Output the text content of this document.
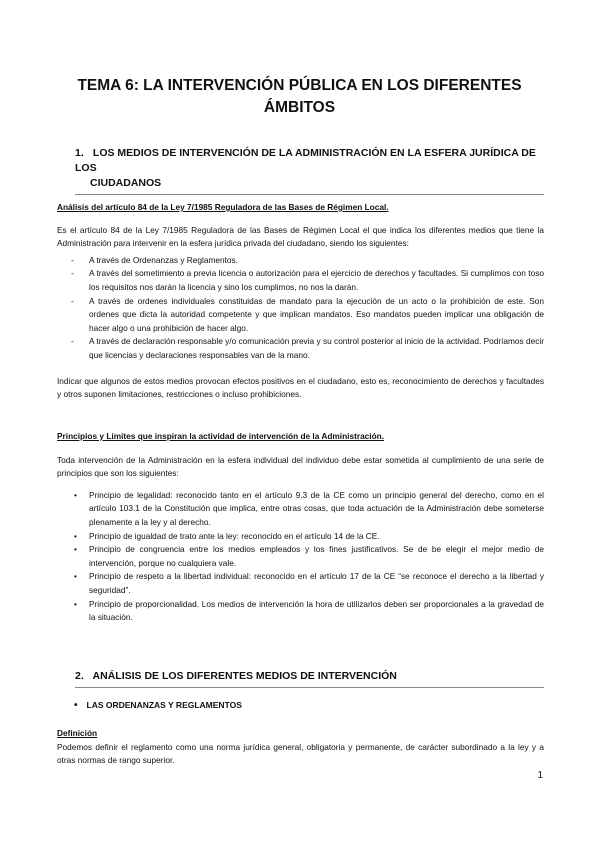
TEMA 6: LA INTERVENCIÓN PÚBLICA EN LOS DIFERENTES
ÁMBITOS
1. LOS MEDIOS DE INTERVENCIÓN DE LA ADMINISTRACIÓN EN LA ESFERA JURÍDICA DE LOS
CIUDADANOS
Análisis del artículo 84 de la Ley 7/1985 Reguladora de las Bases de Régimen Local.
Es el artículo 84 de la Ley 7/1985 Reguladora de las Bases de Régimen Local el que indica los diferentes medios que tiene la Administración para intervenir en la esfera jurídica privada del ciudadano, siendo los siguientes:
- A través de Ordenanzas y Reglamentos.
- A través del sometimiento a previa licencia o autorización para el ejercicio de derechos y facultades. Si cumplimos con toso los requisitos nos darán la licencia y sino los cumplimos, no nos la darán.
- A través de ordenes individuales constituidas de mandato para la ejecución de un acto o la prohibición de este. Son ordenes que dicta la autoridad competente y que implican mandatos. Eso mandatos pueden implicar una obligación de hacer algo o una prohibición de hacer algo.
- A través de declaración responsable y/o comunicación previa y su control posterior al inicio de la actividad. Podríamos decir que licencias y declaraciones responsables van de la mano.
Indicar que algunos de estos medios provocan efectos positivos en el ciudadano, esto es, reconocimiento de derechos y facultades y otros suponen limitaciones, restricciones o incluso prohibiciones.
Principios y Límites que inspiran la actividad de intervención de la Administración.
Toda intervención de la Administración en la esfera individual del individuo debe estar sometida al cumplimiento de una serie de principios que son los siguientes:
• Principio de legalidad: reconocido tanto en el artículo 9.3 de la CE como un principio general del derecho, como en el artículo 103.1 de la Constitución que implica, entre otras cosas, que toda actuación de la Administración debe someterse plenamente a la ley y al derecho.
• Principio de igualdad de trato ante la ley: reconocido en el artículo 14 de la CE.
• Principio de congruencia entre los medios empleados y los fines justificativos. Se de be elegir el mejor medio de intervención, porque no cualquiera vale.
• Principio de respeto a la libertad individual: reconocido en el artículo 17 de la CE “se reconoce el derecho a la libertad y seguridad”.
• Principio de proporcionalidad. Los medios de intervención la hora de utilizarlos deben ser proporcionales a la gravedad de la situación.
2. ANÁLISIS DE LOS DIFERENTES MEDIOS DE INTERVENCIÓN
• LAS ORDENANZAS Y REGLAMENTOS
Definición
Podemos definir el reglamento como una norma jurídica general, obligatoria y permanente, de carácter subordinado a la ley y a otras normas de rango superior.
1
